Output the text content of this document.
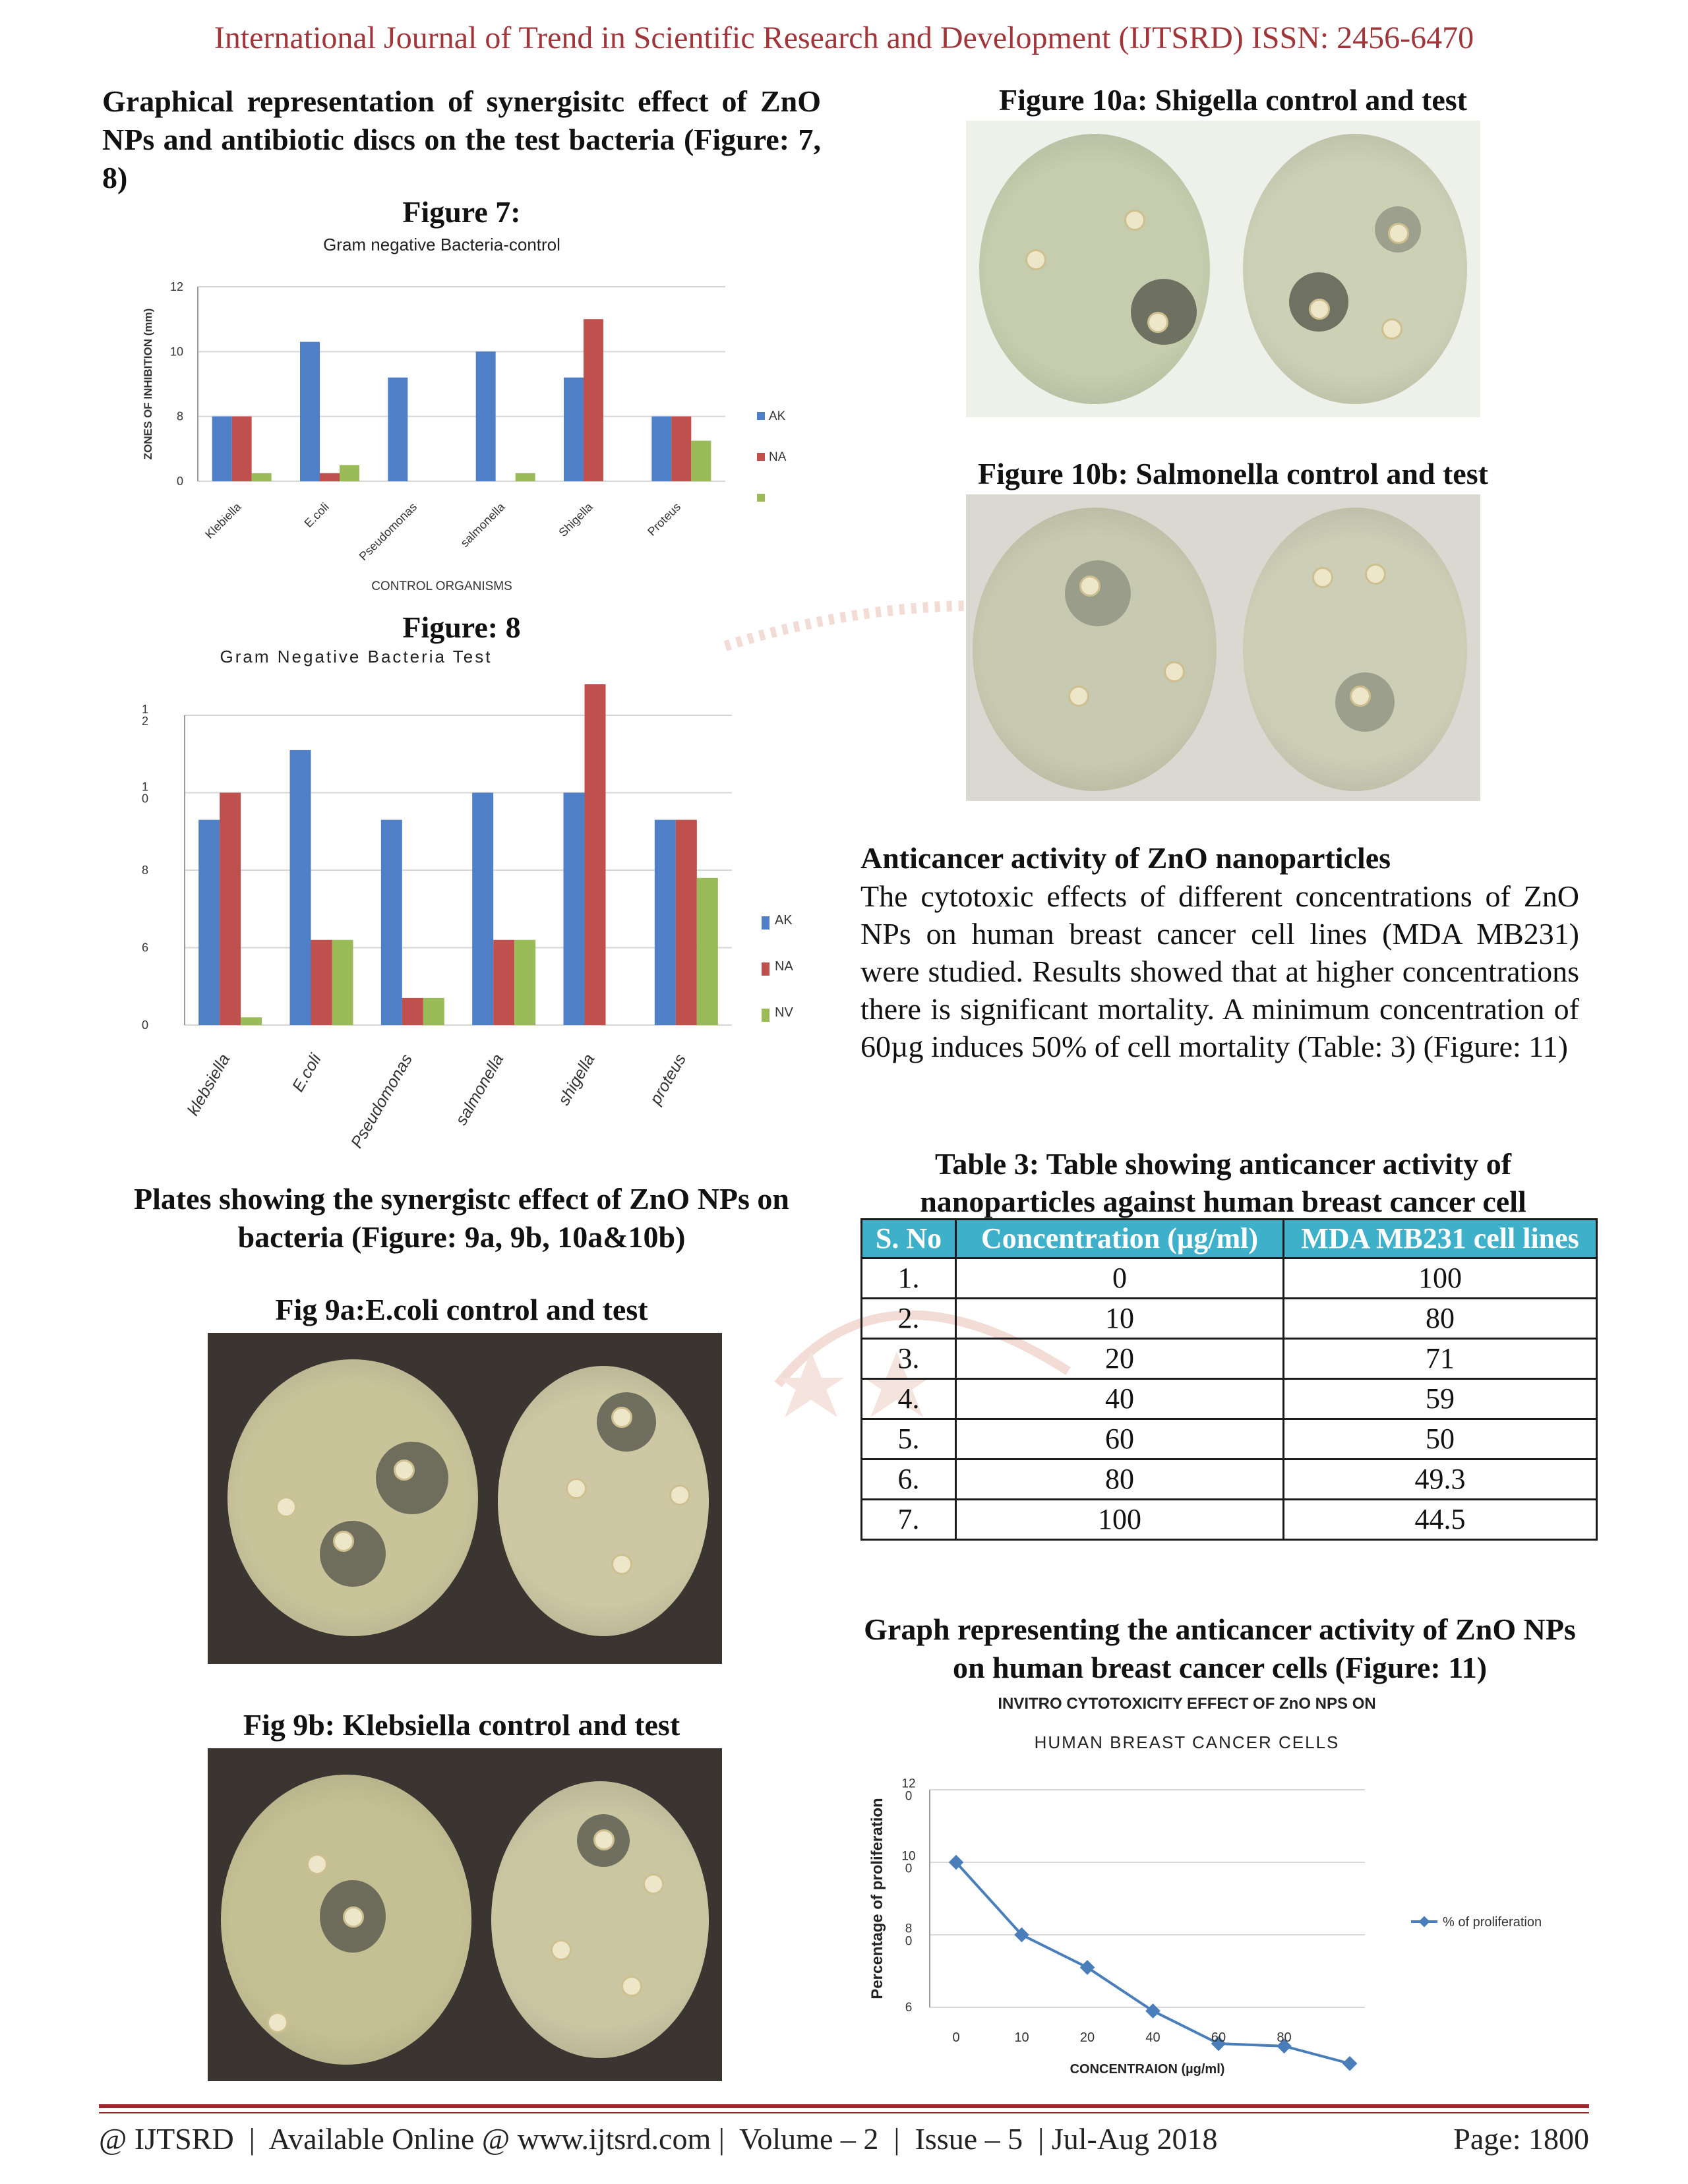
International Journal of Trend in Scientific Research and Development (IJTSRD) ISSN: 2456-6470
Graphical representation of synergisitc effect of ZnO NPs and antibiotic discs on the test bacteria (Figure: 7, 8)
Figure 7:
Gram negative Bacteria-control
0
8
10
12
Klebiella	E.coli Pseudomonas	salmonella	Shigella	Proteus
CONTROL ORGANISMS
ZONES OF INHIBITION (mm)	AK
NA
Figure: 8
Gram Negative Bacteria Test
0
6
8
1
0
1
2
klebsiella	E.coli Pseudomonas salmonella	shigella	proteus
AK
NA
NV
Plates showing the synergistc effect of ZnO NPs on bacteria (Figure: 9a, 9b, 10a&10b)
Fig 9a:E.coli control and test
Fig 9b: Klebsiella control and test
Figure 10a: Shigella control and test
Figure 10b: Salmonella control and test
Anticancer activity of ZnO nanoparticles
The cytotoxic effects of different concentrations of ZnO NPs on human breast cancer cell lines (MDA MB231) were studied. Results showed that at higher concentrations there is significant mortality. A minimum concentration of 60µg induces 50% of cell mortality (Table: 3) (Figure: 11)
Table 3: Table showing anticancer activity of nanoparticles against human breast cancer cell
S. No	Concentration (µg/ml)	MDA MB231 cell lines
1.	0	100
2.	10	80
3.	20	71
4.	40	59
5.	60	50
6.	80	49.3
7.	100	44.5
Graph representing the anticancer activity of ZnO NPs on human breast cancer cells (Figure: 11)
INVITRO CYTOTOXICITY EFFECT OF ZnO NPS ON
HUMAN BREAST CANCER CELLS
6
8
0
10
0
12
0
0	10	20	40	60	80
CONCENTRAION (µg/ml)
Percentage of proliferation	% of proliferation
@ IJTSRD  |  Available Online @ www.ijtsrd.com |  Volume – 2  |  Issue – 5  | Jul-Aug 2018	Page: 1800
